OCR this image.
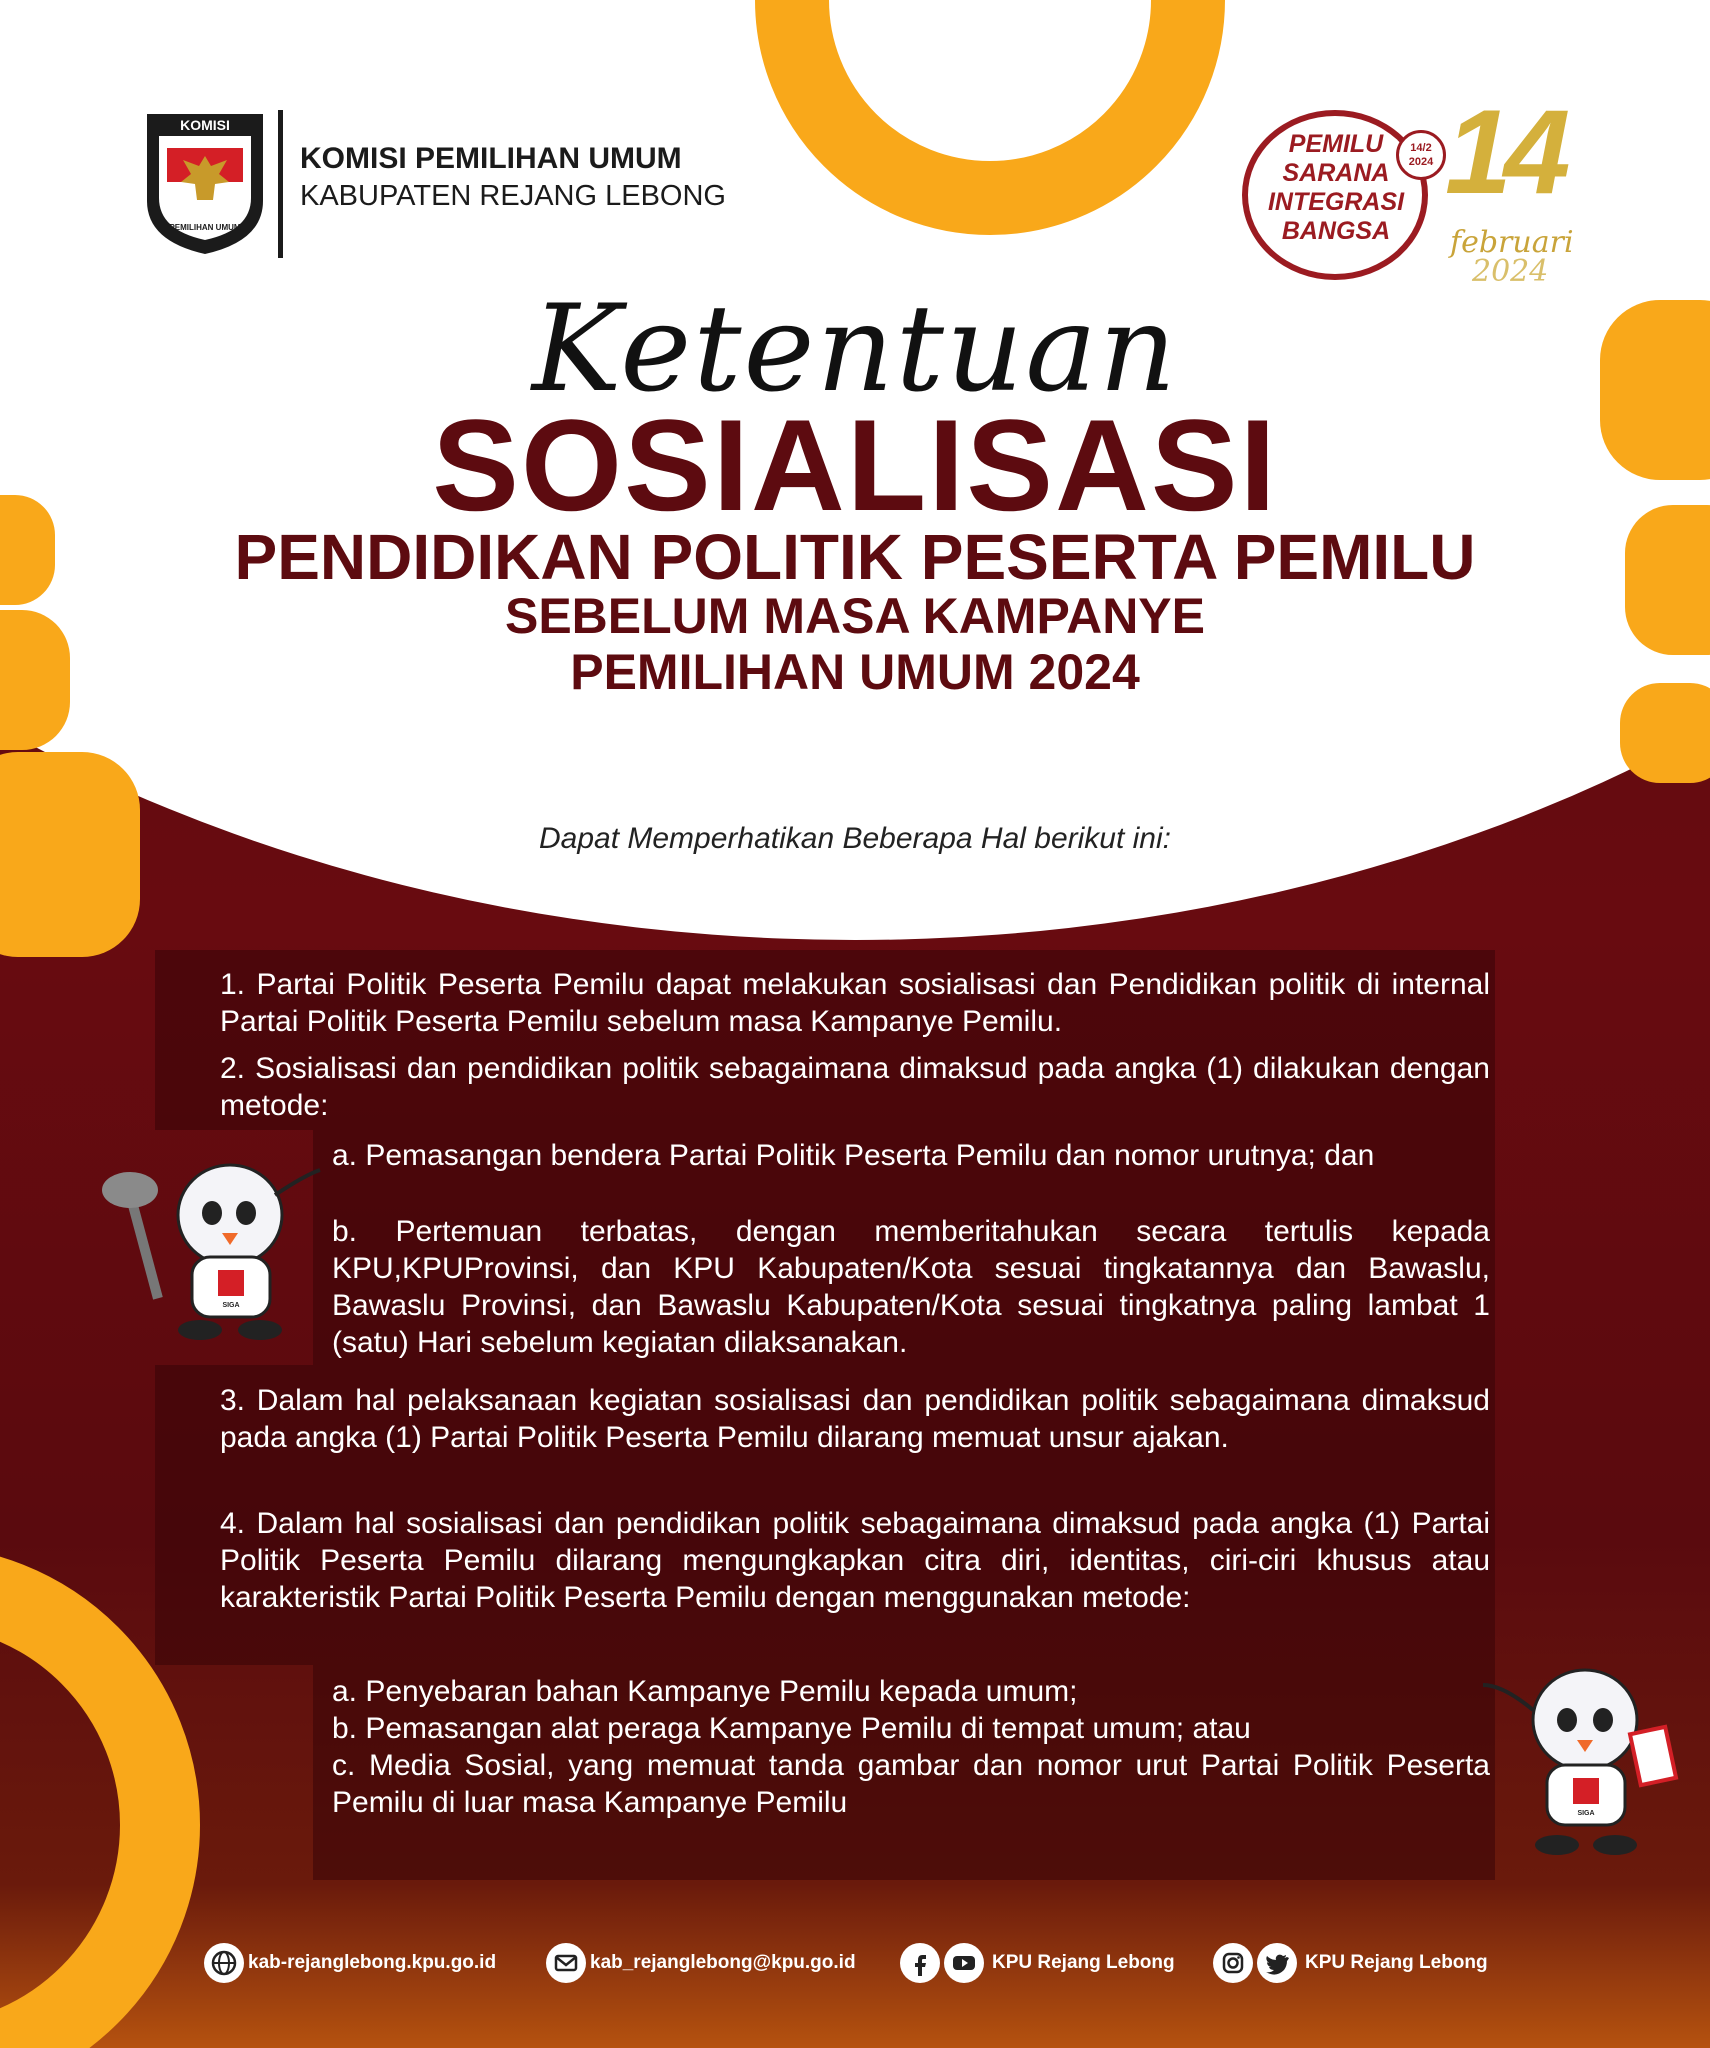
KOMISI
PEMILIHAN UMUM
KOMISI PEMILIHAN UMUM
KABUPATEN REJANG LEBONG
PEMILU
SARANA
INTEGRASI
BANGSA
14/2
2024 14
februari
2024
Ketentuan
SOSIALISASI
PENDIDIKAN POLITIK PESERTA PEMILU
SEBELUM MASA KAMPANYE
PEMILIHAN UMUM 2024
Dapat Memperhatikan Beberapa Hal berikut ini:
1. Partai Politik Peserta Pemilu dapat melakukan sosialisasi dan Pendidikan politik di internal Partai Politik Peserta Pemilu sebelum masa Kampanye Pemilu.
2. Sosialisasi dan pendidikan politik sebagaimana dimaksud pada angka (1) dilakukan dengan metode:
a. Pemasangan bendera Partai Politik Peserta Pemilu dan nomor urutnya; dan
b. Pertemuan terbatas, dengan memberitahukan secara tertulis kepada KPU,KPUProvinsi, dan KPU Kabupaten/Kota sesuai tingkatannya dan Bawaslu, Bawaslu Provinsi, dan Bawaslu Kabupaten/Kota sesuai tingkatnya paling lambat 1 (satu) Hari sebelum kegiatan dilaksanakan.
3. Dalam hal pelaksanaan kegiatan sosialisasi dan pendidikan politik sebagaimana dimaksud pada angka (1) Partai Politik Peserta Pemilu dilarang memuat unsur ajakan.
4. Dalam hal sosialisasi dan pendidikan politik sebagaimana dimaksud pada angka (1) Partai Politik Peserta Pemilu dilarang mengungkapkan citra diri, identitas, ciri-ciri khusus atau karakteristik Partai Politik Peserta Pemilu dengan menggunakan metode:
a. Penyebaran bahan Kampanye Pemilu kepada umum;
b. Pemasangan alat peraga Kampanye Pemilu di tempat umum; atau
c. Media Sosial, yang memuat tanda gambar dan nomor urut Partai Politik Peserta Pemilu di luar masa Kampanye Pemilu
SIGA
SIGA
kab-rejanglebong.kpu.go.id	kab_rejanglebong@kpu.go.id	KPU Rejang Lebong	KPU Rejang Lebong
